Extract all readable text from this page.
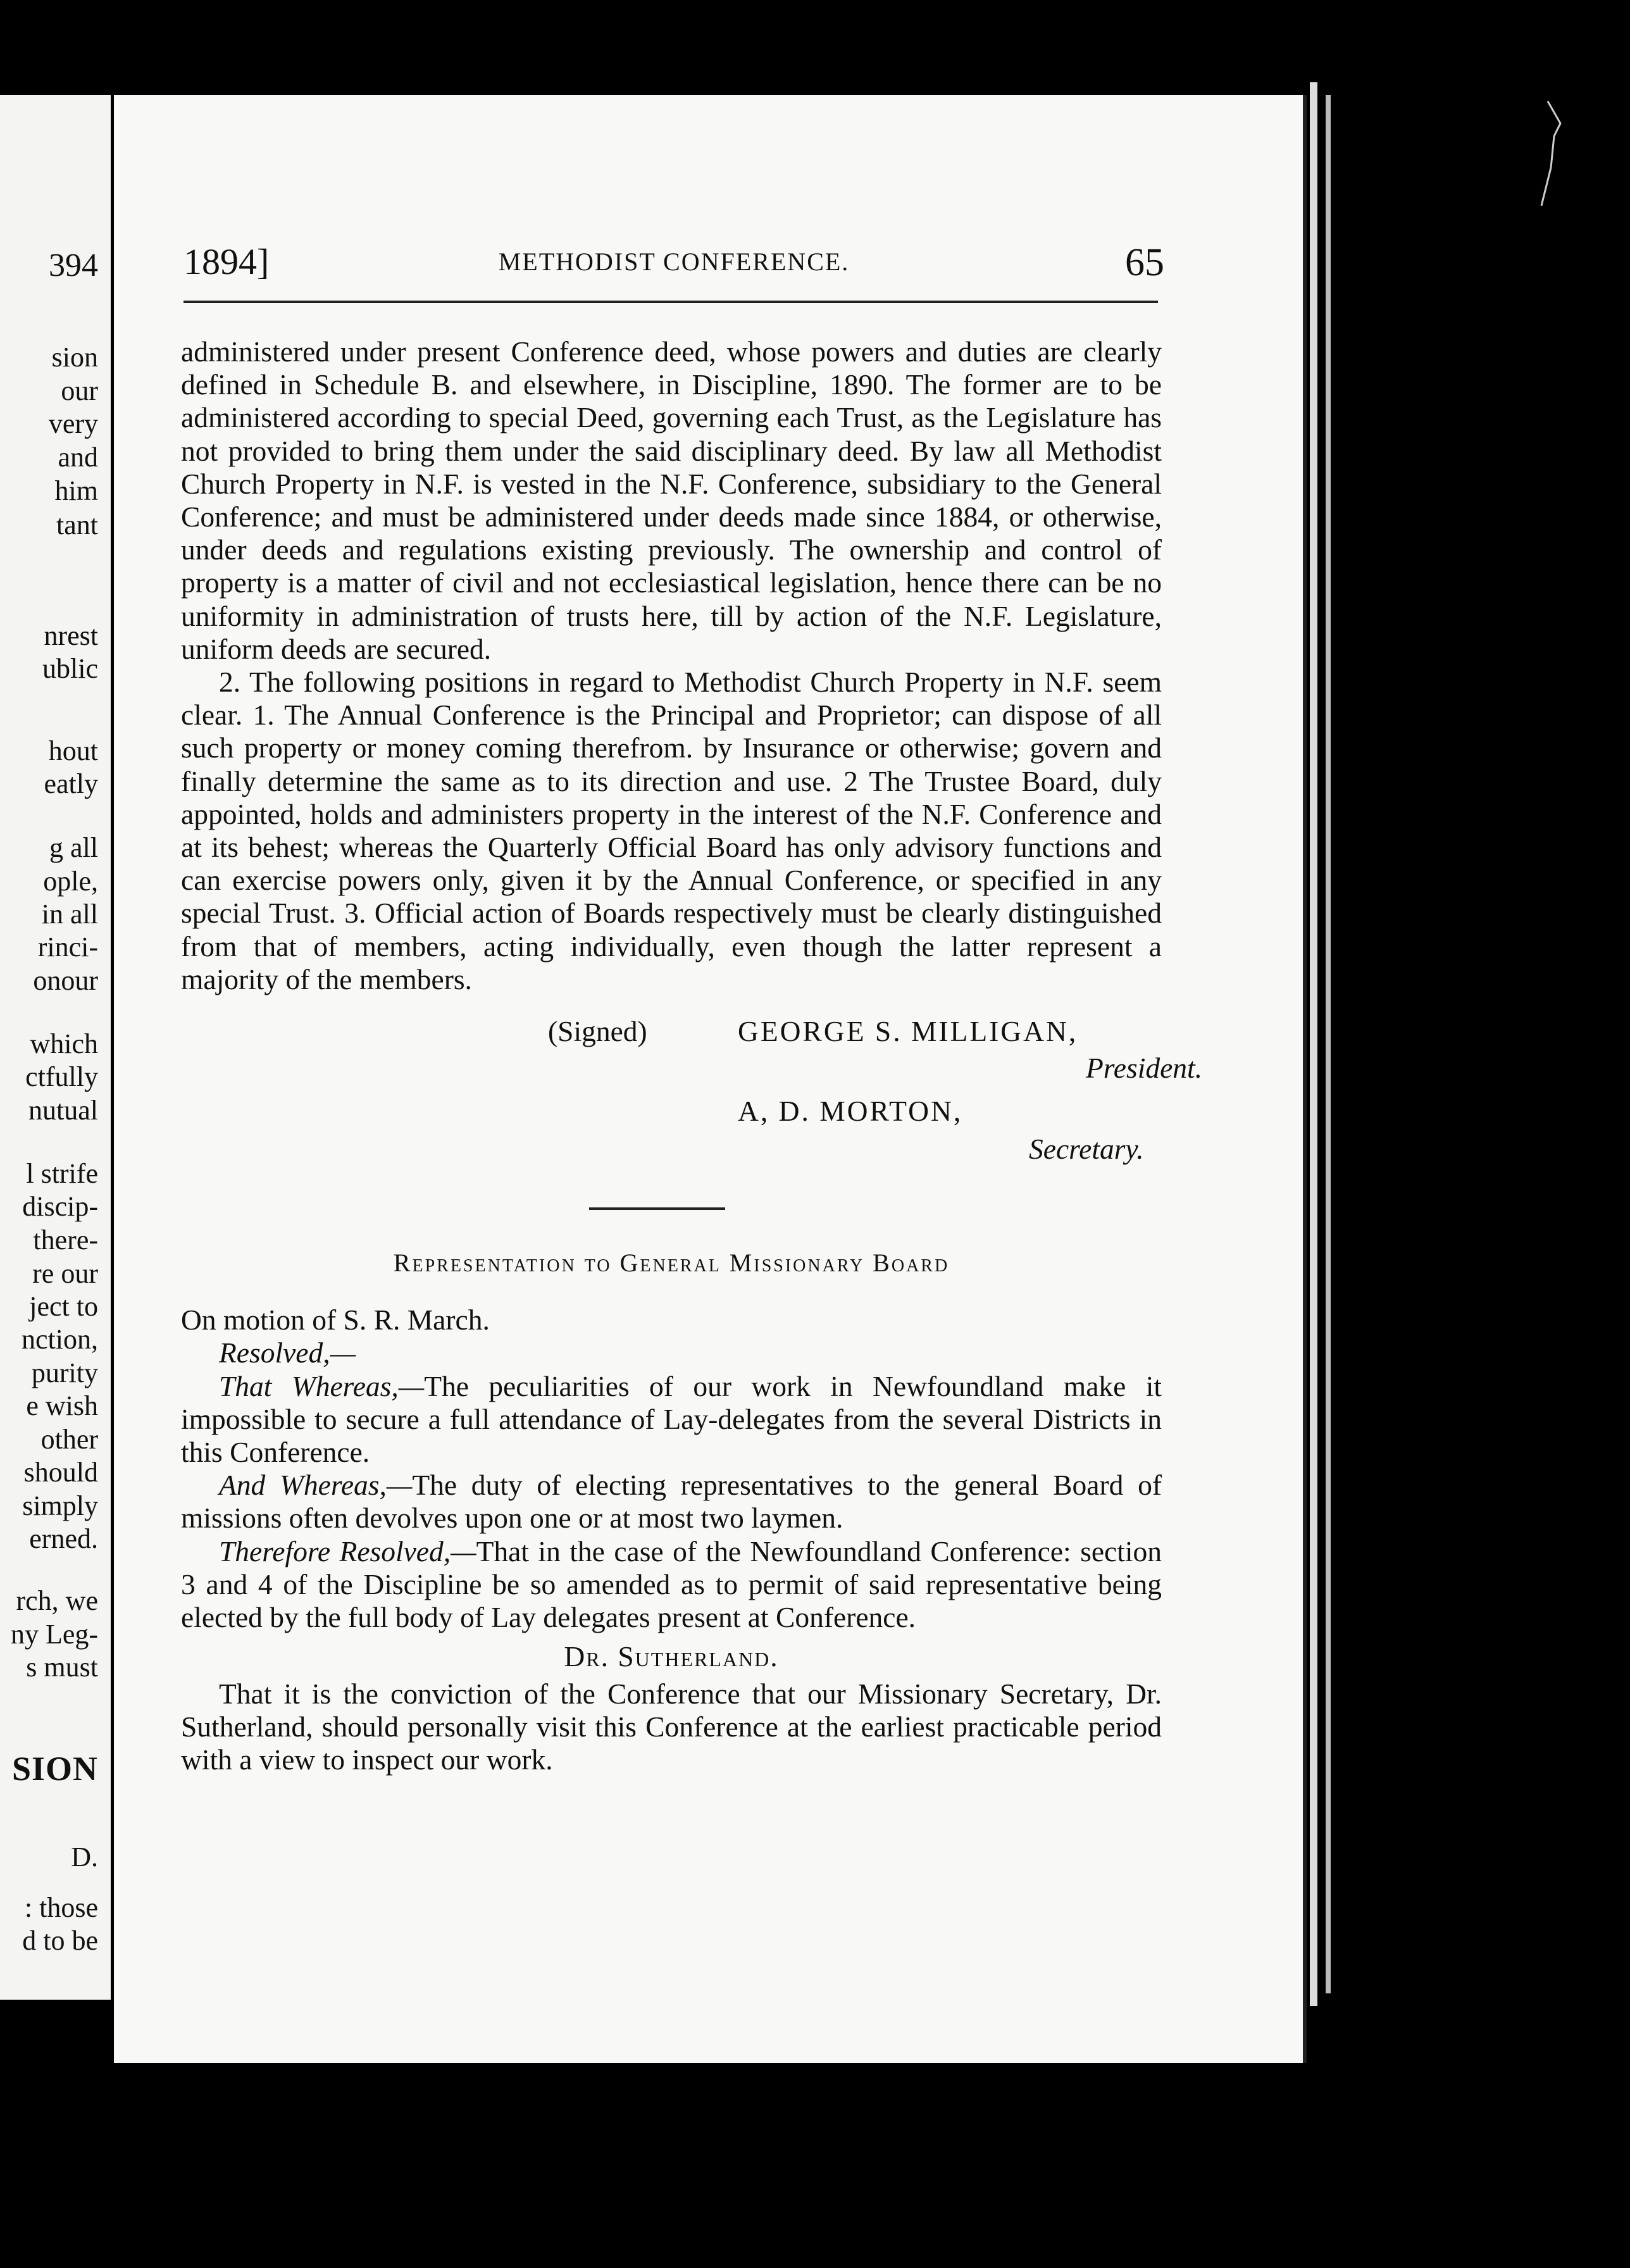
394
sion
our
very
and
him
tant
nrest
ublic
hout
eatly
g all
ople,
in all
rinci-
onour
which
ctfully
nutual
l strife
discip-
there-
re our
ject to
nction,
purity
e wish
other
should
simply
erned.
rch, we
ny Leg-
s must
SION
D.
: those
d to be
1894]	METHODIST CONFERENCE.	65

administered under present Conference deed, whose powers and duties are clearly defined in Schedule B. and elsewhere, in Discipline, 1890. The former are to be administered according to special Deed, governing each Trust, as the Legislature has not provided to bring them under the said disciplinary deed. By law all Methodist Church Property in N.F. is vested in the N.F. Conference, subsidiary to the General Conference; and must be administered under deeds made since 1884, or otherwise, under deeds and regulations existing previously. The ownership and control of property is a matter of civil and not ecclesiastical legislation, hence there can be no uniformity in administration of trusts here, till by action of the N.F. Legislature, uniform deeds are secured.

2. The following positions in regard to Methodist Church Property in N.F. seem clear. 1. The Annual Conference is the Principal and Proprietor; can dispose of all such property or money coming therefrom. by Insurance or otherwise; govern and finally determine the same as to its direction and use. 2 The Trustee Board, duly appointed, holds and administers property in the interest of the N.F. Conference and at its behest; whereas the Quarterly Official Board has only advisory functions and can exercise powers only, given it by the Annual Conference, or specified in any special Trust. 3. Official action of Boards respectively must be clearly distinguished from that of members, acting individually, even though the latter represent a majority of the members.

(Signed)	GEORGE S. MILLIGAN,
President.
A, D. MORTON,
Secretary.
Representation to General Missionary Board

On motion of S. R. March.

Resolved,—

That Whereas,—The peculiarities of our work in Newfoundland make it impossible to secure a full attendance of Lay-delegates from the several Districts in this Conference.

And Whereas,—The duty of electing representatives to the general Board of missions often devolves upon one or at most two laymen.

Therefore Resolved,—That in the case of the Newfoundland Conference: section 3 and 4 of the Discipline be so amended as to permit of said representative being elected by the full body of Lay delegates present at Conference.

Dr. Sutherland.

That it is the conviction of the Conference that our Missionary Secretary, Dr. Sutherland, should personally visit this Conference at the earliest practicable period with a view to inspect our work.
